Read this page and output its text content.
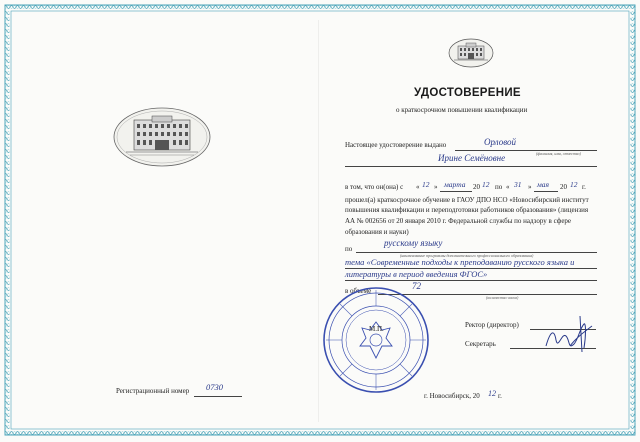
УДОСТОВЕРЕНИЕ
о краткосрочном повышении квалификации
Настоящее удостоверение выдано	Орловой
(фамилия, имя, отчество)
Ирине Семёновне
в том, что он(она) с « 12 » марта 20 12 по « 31 » мая 20 12 г.
прошел(а) краткосрочное обучение в ГАОУ ДПО НСО «Новосибирский институт
повышения квалификации и переподготовки работников образования» (лицензия
АА № 002656 от 20 января 2010 г. Федеральной службы по надзору в сфере
образования и науки)
по
русскому языку
(наименование программы дополнительного профессионального образования)
тема «Современные подходы к преподаванию русского языка и
литературы в период введения ФГОС»
в объеме	72
(количество часов)
М.П.	Ректор (директор)
Секретарь
Регистрационный номер 0730
г. Новосибирск, 20 12 г.
